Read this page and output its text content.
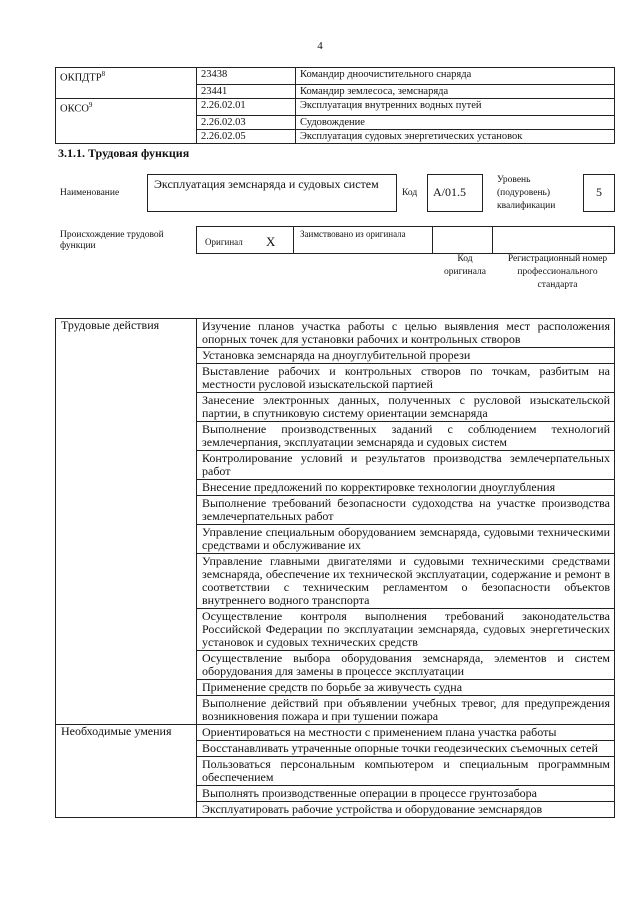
4
ОКПДТР$^8$	23438	Командир дноочистительного снаряда
	23441	Командир землесоса, земснаряда
ОКСО$^9$	2.26.02.01	Эксплуатация внутренних водных путей
	2.26.02.03	Судовождение
	2.26.02.05	Эксплуатация судовых энергетических установок
3.1.1. Трудовая функция
Наименование
Эксплуатация земснаряда и судовых систем
Код	A/01.5
Уровень (подуровень) квалификации
5
Происхождение трудовой функции	Оригинал X	Заимствовано из оригинала
Код оригинала
Регистрационный номер профессионального стандарта
Трудовые действия	Изучение планов участка работы с целью выявления мест расположения опорных точек для установки рабочих и контрольных створов
	Установка земснаряда на дноуглубительной прорези
	Выставление рабочих и контрольных створов по точкам, разбитым на местности русловой изыскательской партией
	Занесение электронных данных, полученных с русловой изыскательской партии, в спутниковую систему ориентации земснаряда
	Выполнение производственных заданий с соблюдением технологий землечерпания, эксплуатации земснаряда и судовых систем
	Контролирование условий и результатов производства землечерпательных работ
	Внесение предложений по корректировке технологии дноуглубления
	Выполнение требований безопасности судоходства на участке производства землечерпательных работ
	Управление специальным оборудованием земснаряда, судовыми техническими средствами и обслуживание их
	Управление главными двигателями и судовыми техническими средствами земснаряда, обеспечение их технической эксплуатации, содержание и ремонт в соответствии с техническим регламентом о безопасности объектов внутреннего водного транспорта
	Осуществление контроля выполнения требований законодательства Российской Федерации по эксплуатации земснаряда, судовых энергетических установок и судовых технических средств
	Осуществление выбора оборудования земснаряда, элементов и систем оборудования для замены в процессе эксплуатации
	Применение средств по борьбе за живучесть судна
	Выполнение действий при объявлении учебных тревог, для предупреждения возникновения пожара и при тушении пожара
Необходимые умения	Ориентироваться на местности с применением плана участка работы
	Восстанавливать утраченные опорные точки геодезических съемочных сетей
	Пользоваться персональным компьютером и специальным программным обеспечением
	Выполнять производственные операции в процессе грунтозабора
	Эксплуатировать рабочие устройства и оборудование земснарядов
